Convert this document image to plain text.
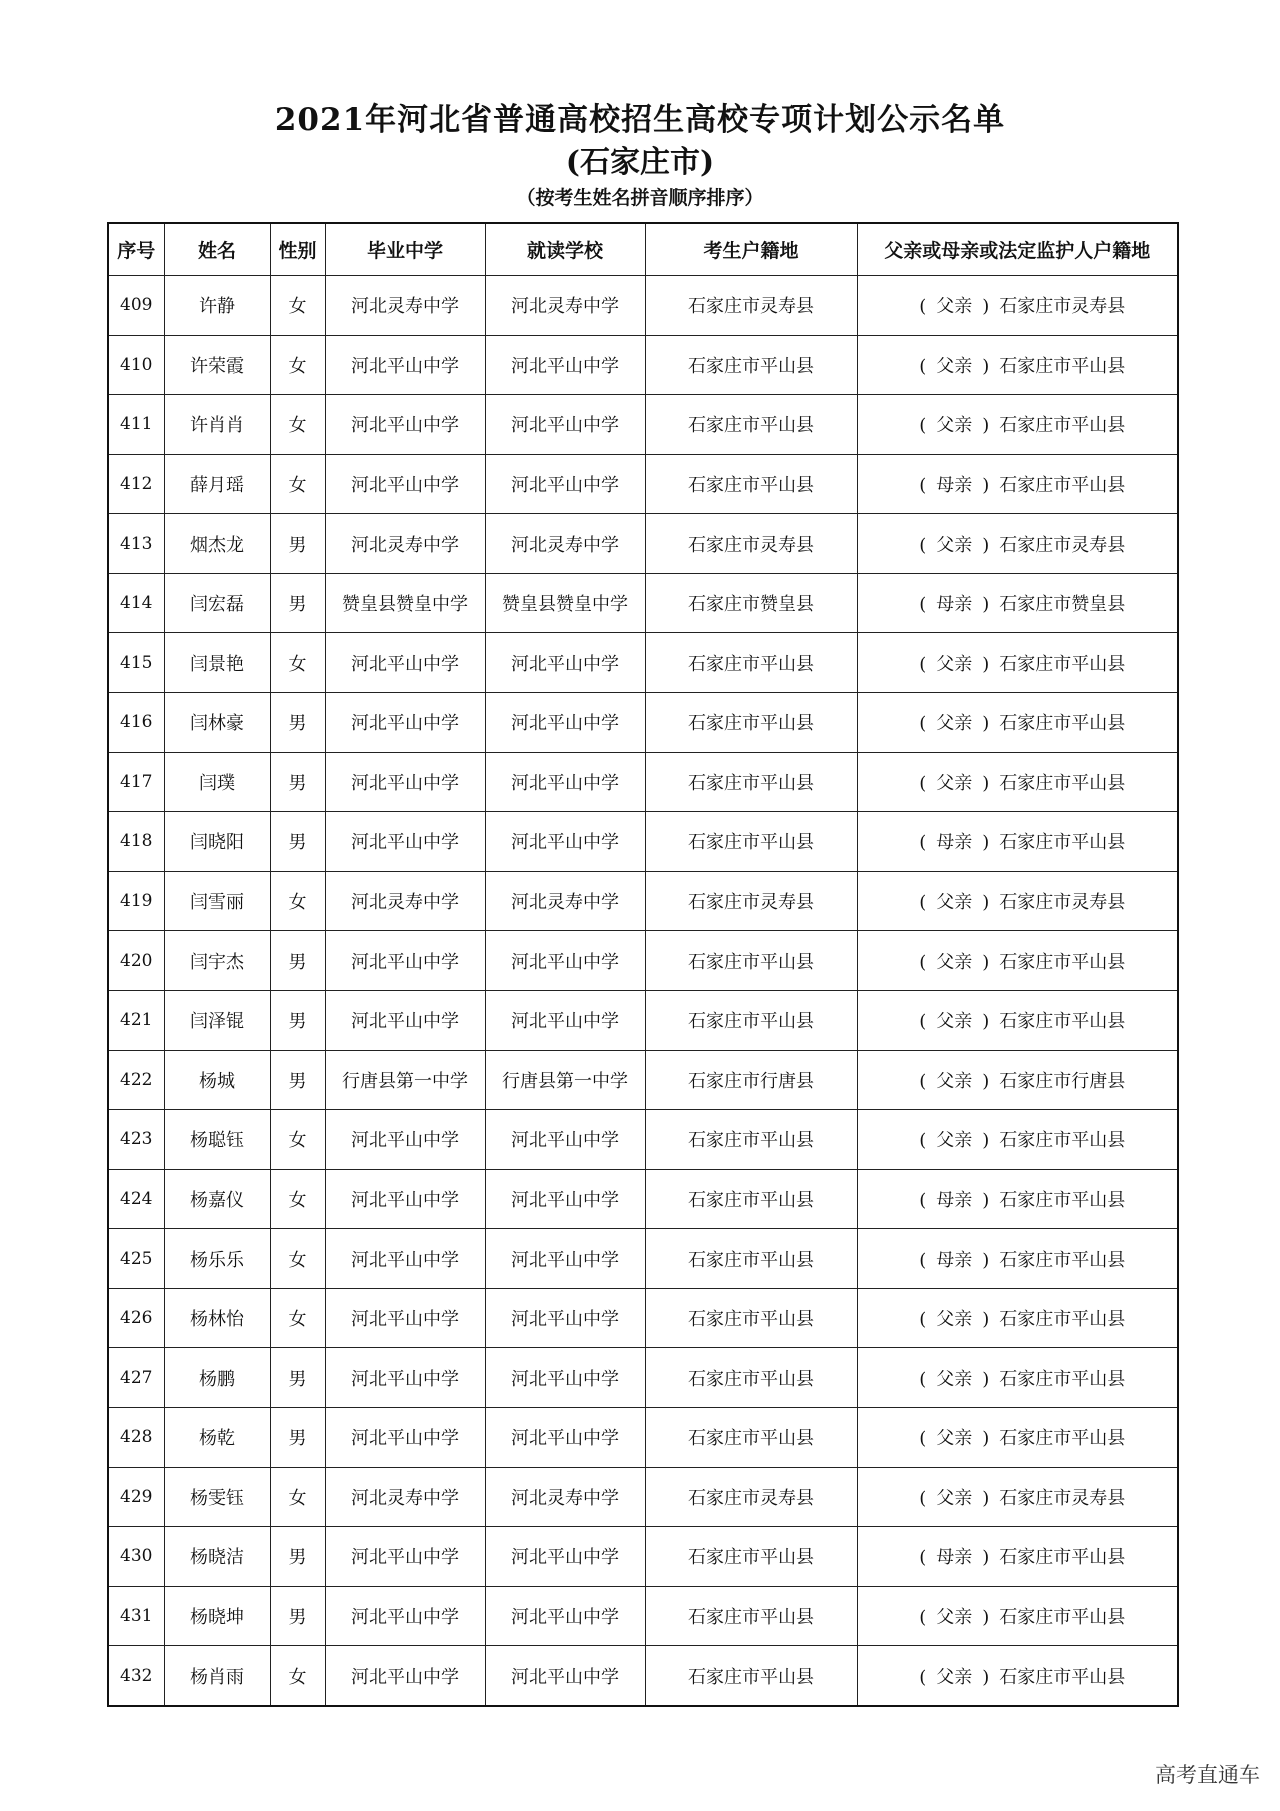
2021年河北省普通高校招生高校专项计划公示名单
(石家庄市)
（按考生姓名拼音顺序排序）
序号	姓名	性别	毕业中学	就读学校	考生户籍地	父亲或母亲或法定监护人户籍地
409	许静	女	河北灵寿中学	河北灵寿中学	石家庄市灵寿县	( 父亲 ) 石家庄市灵寿县
410	许荣霞	女	河北平山中学	河北平山中学	石家庄市平山县	( 父亲 ) 石家庄市平山县
411	许肖肖	女	河北平山中学	河北平山中学	石家庄市平山县	( 父亲 ) 石家庄市平山县
412	薛月瑶	女	河北平山中学	河北平山中学	石家庄市平山县	( 母亲 ) 石家庄市平山县
413	烟杰龙	男	河北灵寿中学	河北灵寿中学	石家庄市灵寿县	( 父亲 ) 石家庄市灵寿县
414	闫宏磊	男	赞皇县赞皇中学	赞皇县赞皇中学	石家庄市赞皇县	( 母亲 ) 石家庄市赞皇县
415	闫景艳	女	河北平山中学	河北平山中学	石家庄市平山县	( 父亲 ) 石家庄市平山县
416	闫林豪	男	河北平山中学	河北平山中学	石家庄市平山县	( 父亲 ) 石家庄市平山县
417	闫璞	男	河北平山中学	河北平山中学	石家庄市平山县	( 父亲 ) 石家庄市平山县
418	闫晓阳	男	河北平山中学	河北平山中学	石家庄市平山县	( 母亲 ) 石家庄市平山县
419	闫雪丽	女	河北灵寿中学	河北灵寿中学	石家庄市灵寿县	( 父亲 ) 石家庄市灵寿县
420	闫宇杰	男	河北平山中学	河北平山中学	石家庄市平山县	( 父亲 ) 石家庄市平山县
421	闫泽锟	男	河北平山中学	河北平山中学	石家庄市平山县	( 父亲 ) 石家庄市平山县
422	杨城	男	行唐县第一中学	行唐县第一中学	石家庄市行唐县	( 父亲 ) 石家庄市行唐县
423	杨聪钰	女	河北平山中学	河北平山中学	石家庄市平山县	( 父亲 ) 石家庄市平山县
424	杨嘉仪	女	河北平山中学	河北平山中学	石家庄市平山县	( 母亲 ) 石家庄市平山县
425	杨乐乐	女	河北平山中学	河北平山中学	石家庄市平山县	( 母亲 ) 石家庄市平山县
426	杨林怡	女	河北平山中学	河北平山中学	石家庄市平山县	( 父亲 ) 石家庄市平山县
427	杨鹏	男	河北平山中学	河北平山中学	石家庄市平山县	( 父亲 ) 石家庄市平山县
428	杨乾	男	河北平山中学	河北平山中学	石家庄市平山县	( 父亲 ) 石家庄市平山县
429	杨雯钰	女	河北灵寿中学	河北灵寿中学	石家庄市灵寿县	( 父亲 ) 石家庄市灵寿县
430	杨晓洁	男	河北平山中学	河北平山中学	石家庄市平山县	( 母亲 ) 石家庄市平山县
431	杨晓坤	男	河北平山中学	河北平山中学	石家庄市平山县	( 父亲 ) 石家庄市平山县
432	杨肖雨	女	河北平山中学	河北平山中学	石家庄市平山县	( 父亲 ) 石家庄市平山县
高考直通车
